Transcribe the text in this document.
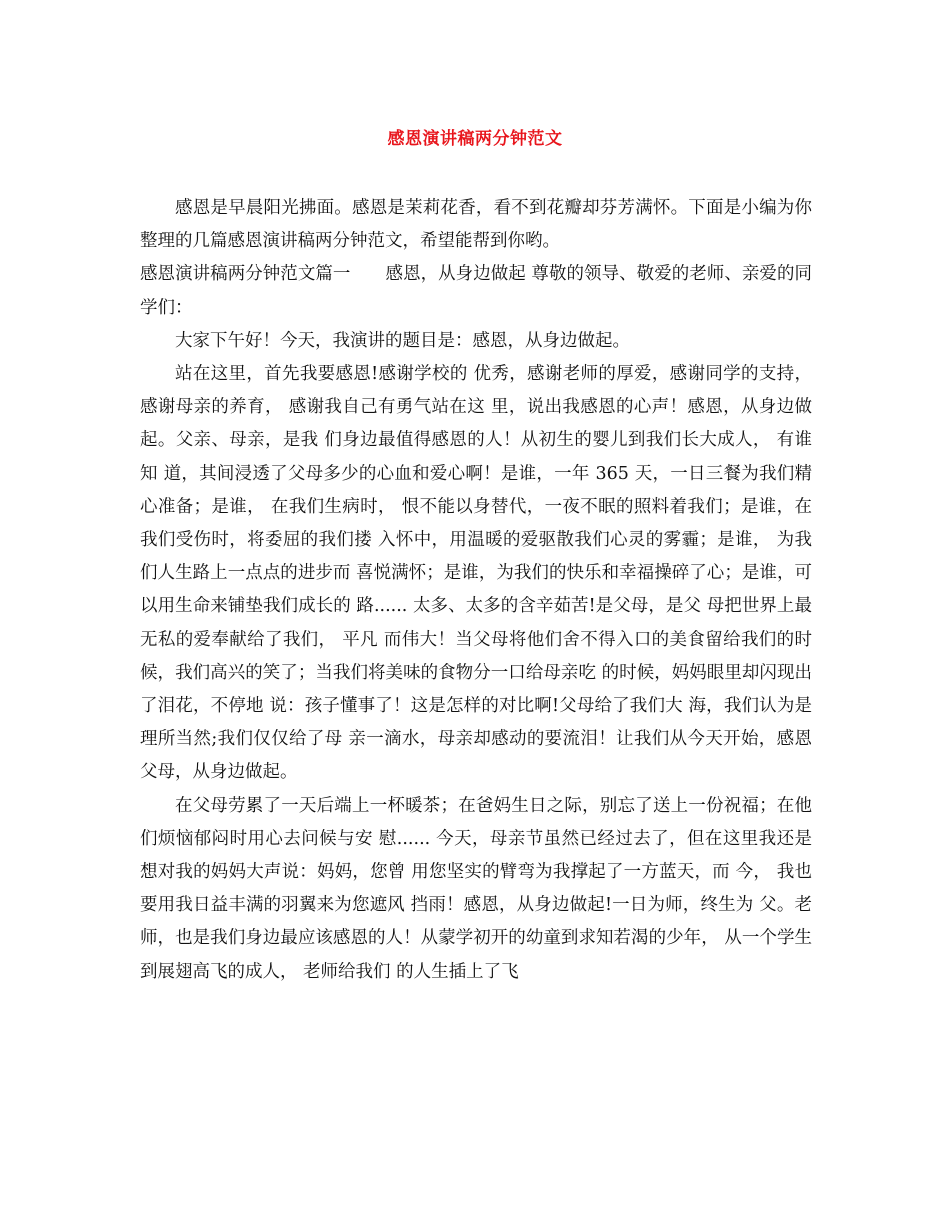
感恩演讲稿两分钟范文

感恩是早晨阳光拂面。感恩是茉莉花香，看不到花瓣却芬芳满怀。下面是小编为你整理的几篇感恩演讲稿两分钟范文，希望能帮到你哟。

感恩演讲稿两分钟范文篇一　　感恩，从身边做起 尊敬的领导、敬爱的老师、亲爱的同学们：

大家下午好！今天，我演讲的题目是：感恩，从身边做起。

站在这里，首先我要感恩!感谢学校的 优秀，感谢老师的厚爱，感谢同学的支持，感谢母亲的养育， 感谢我自己有勇气站在这 里，说出我感恩的心声！感恩，从身边做起。父亲、母亲，是我 们身边最值得感恩的人！从初生的婴儿到我们长大成人， 有谁知 道，其间浸透了父母多少的心血和爱心啊！是谁，一年 365 天，一日三餐为我们精 心准备；是谁， 在我们生病时， 恨不能以身替代，一夜不眠的照料着我们；是谁，在我们受伤时，将委屈的我们搂 入怀中，用温暖的爱驱散我们心灵的雾霾；是谁， 为我们人生路上一点点的进步而 喜悦满怀；是谁，为我们的快乐和幸福操碎了心；是谁，可以用生命来铺垫我们成长的 路...... 太多、太多的含辛茹苦!是父母，是父 母把世界上最无私的爱奉献给了我们， 平凡 而伟大！当父母将他们舍不得入口的美食留给我们的时候，我们高兴的笑了；当我们将美味的食物分一口给母亲吃 的时候，妈妈眼里却闪现出了泪花，不停地 说：孩子懂事了！这是怎样的对比啊!父母给了我们大 海，我们认为是理所当然;我们仅仅给了母 亲一滴水，母亲却感动的要流泪！让我们从今天开始，感恩父母，从身边做起。

在父母劳累了一天后端上一杯暖茶；在爸妈生日之际，别忘了送上一份祝福；在他们烦恼郁闷时用心去问候与安 慰...... 今天，母亲节虽然已经过去了，但在这里我还是想对我的妈妈大声说：妈妈，您曾 用您坚实的臂弯为我撑起了一方蓝天，而 今， 我也要用我日益丰满的羽翼来为您遮风 挡雨！感恩，从身边做起!一日为师，终生为 父。老师，也是我们身边最应该感恩的人！从蒙学初开的幼童到求知若渴的少年， 从一个学生到展翅高飞的成人， 老师给我们 的人生插上了飞
